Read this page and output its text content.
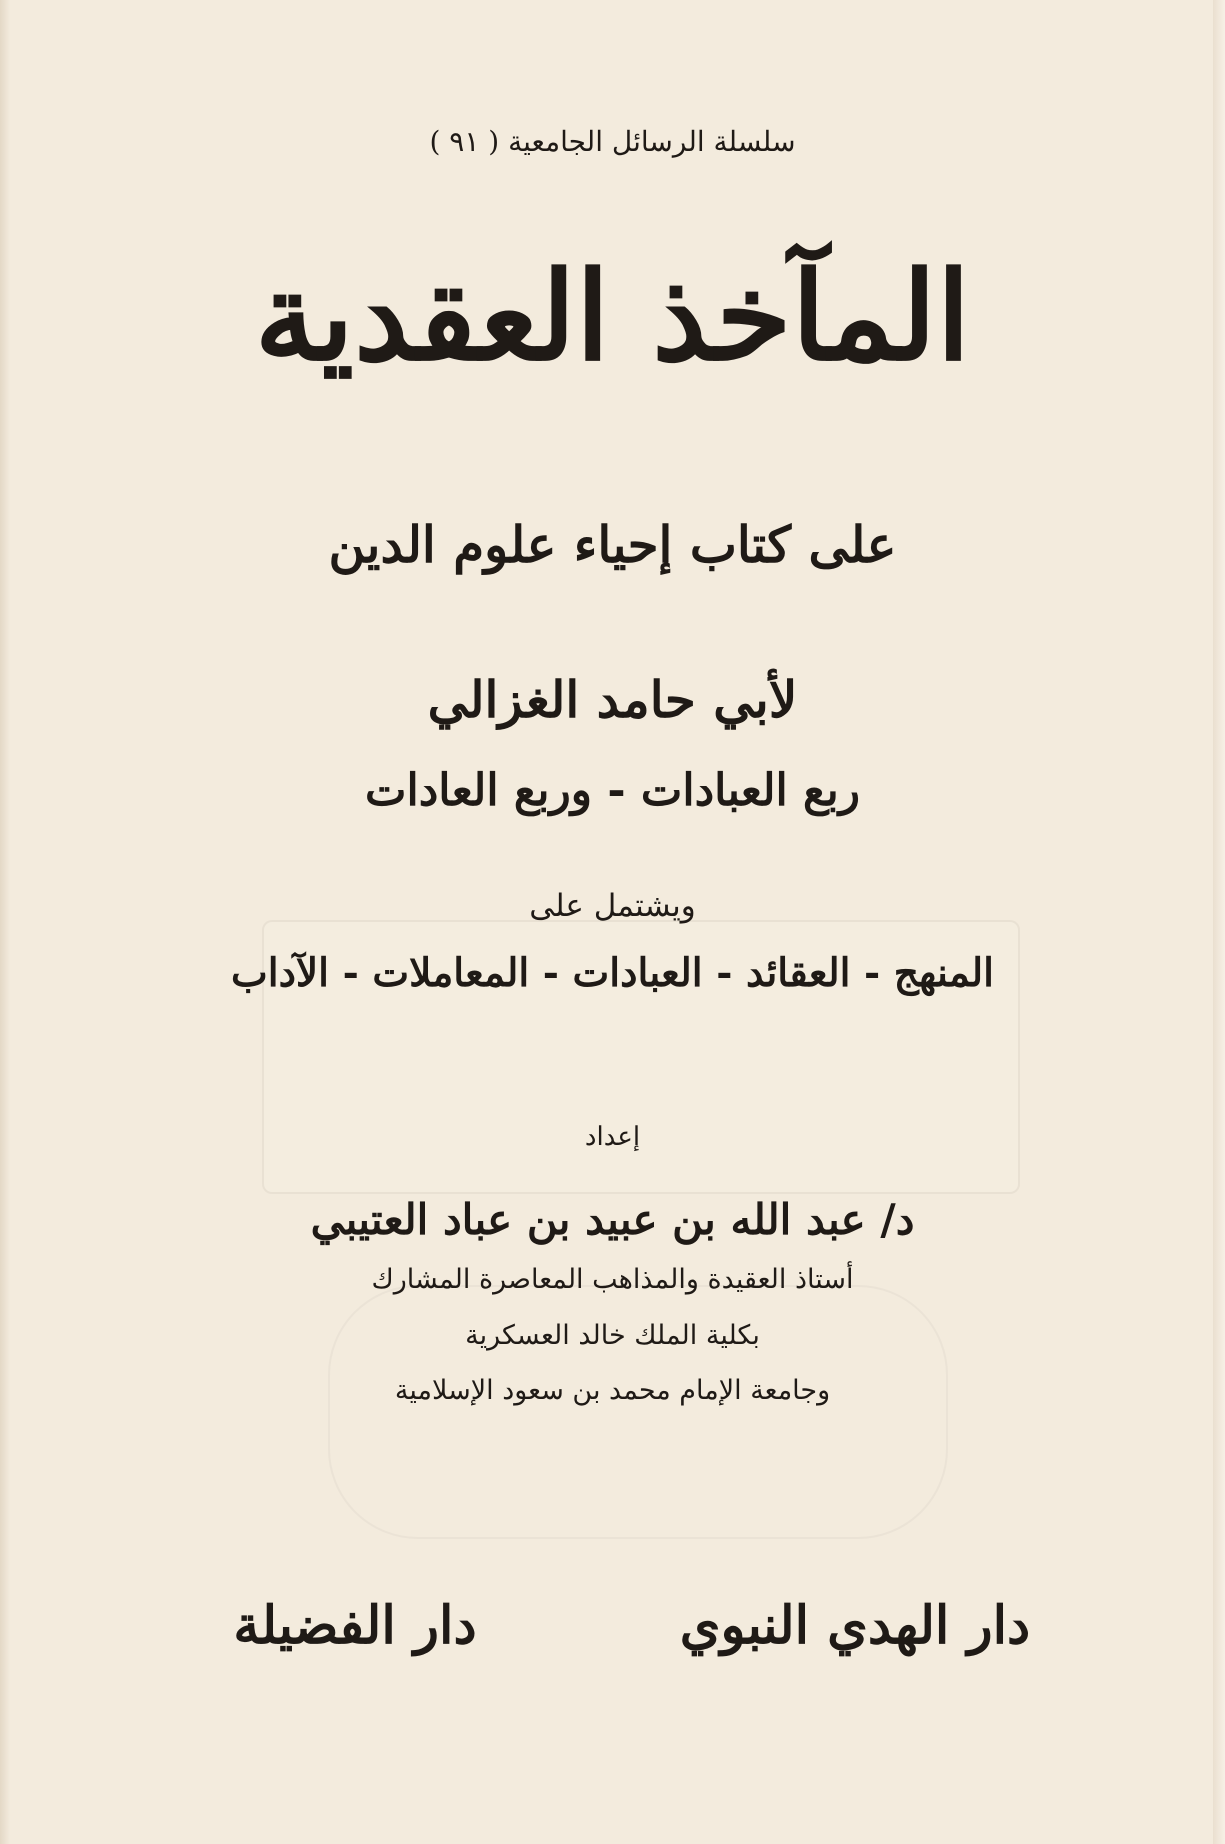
سلسلة الرسائل الجامعية ( ٩١ )
المآخذ العقدية
على كتاب إحياء علوم الدين
لأبي حامد الغزالي
ربع العبادات - وربع العادات
ويشتمل على
المنهج - العقائد - العبادات - المعاملات - الآداب
إعداد
د/ عبد الله بن عبيد بن عباد العتيبي
أستاذ العقيدة والمذاهب المعاصرة المشارك
بكلية الملك خالد العسكرية
وجامعة الإمام محمد بن سعود الإسلامية
دار الهدي النبوي
دار الفضيلة
